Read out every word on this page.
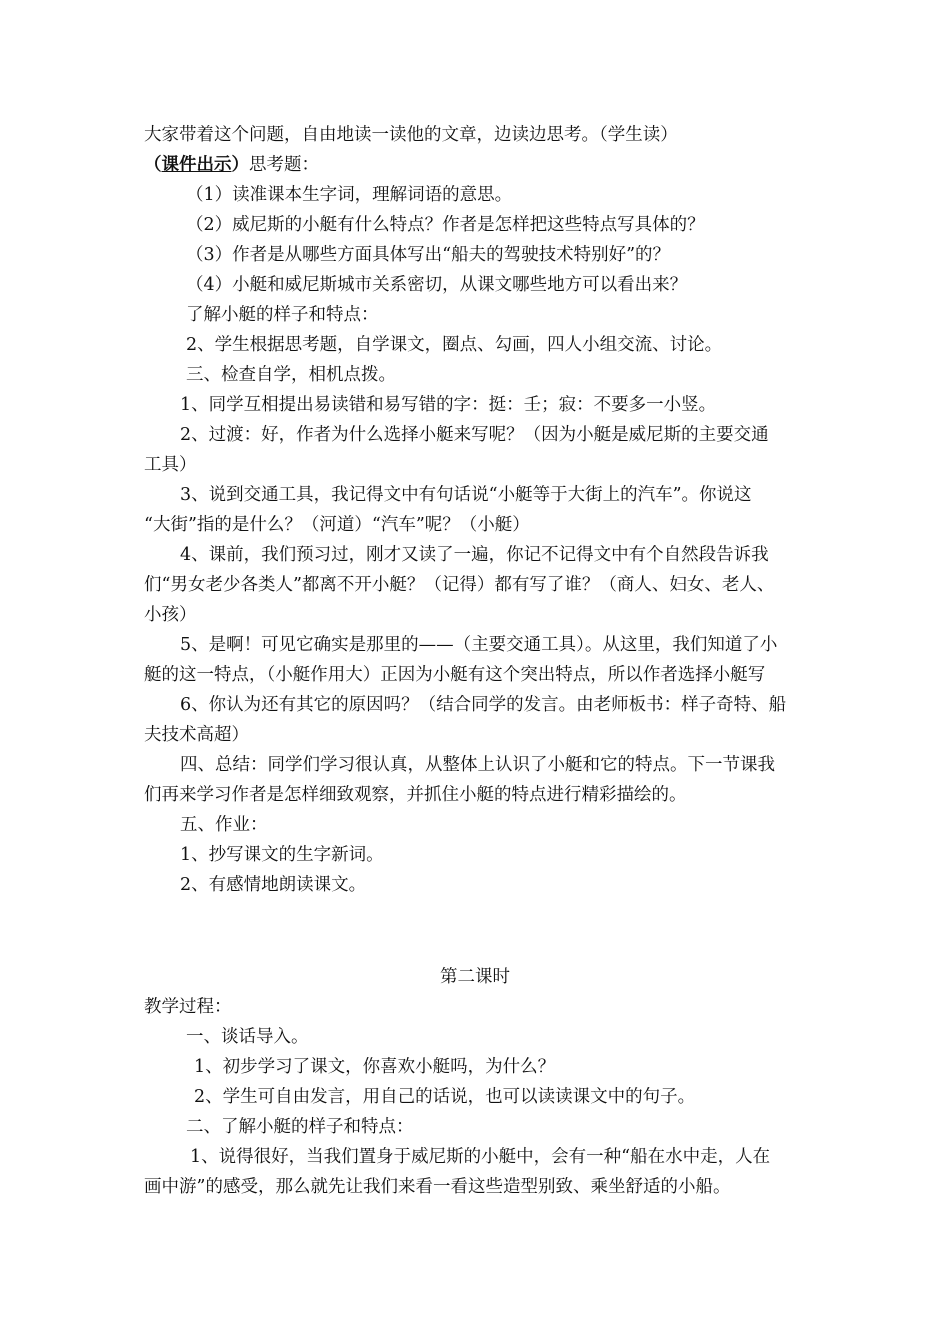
大家带着这个问题，自由地读一读他的文章，边读边思考。（学生读）

（课件出示）思考题：

（1）读准课本生字词，理解词语的意思。

（2）威尼斯的小艇有什么特点？作者是怎样把这些特点写具体的？

（3）作者是从哪些方面具体写出“船夫的驾驶技术特别好”的？

（4）小艇和威尼斯城市关系密切，从课文哪些地方可以看出来？

了解小艇的样子和特点：

2、学生根据思考题，自学课文，圈点、勾画，四人小组交流、讨论。

三、检查自学，相机点拨。

1、同学互相提出易读错和易写错的字：挺：壬；寂：不要多一小竖。

2、过渡：好，作者为什么选择小艇来写呢？（因为小艇是威尼斯的主要交通

工具）

3、说到交通工具，我记得文中有句话说“小艇等于大街上的汽车”。你说这

“大街”指的是什么？（河道）“汽车”呢？（小艇）

4、课前，我们预习过，刚才又读了一遍，你记不记得文中有个自然段告诉我

们“男女老少各类人”都离不开小艇？（记得）都有写了谁？（商人、妇女、老人、

小孩）

5、是啊！可见它确实是那里的——（主要交通工具）。从这里，我们知道了小

艇的这一特点，（小艇作用大）正因为小艇有这个突出特点，所以作者选择小艇写

6、你认为还有其它的原因吗？（结合同学的发言。由老师板书：样子奇特、船

夫技术高超）

四、总结：同学们学习很认真，从整体上认识了小艇和它的特点。下一节课我

们再来学习作者是怎样细致观察，并抓住小艇的特点进行精彩描绘的。

五、作业：

1、抄写课文的生字新词。

2、有感情地朗读课文。

第二课时

教学过程：

一、谈话导入。

1、初步学习了课文，你喜欢小艇吗，为什么？

2、学生可自由发言，用自己的话说，也可以读读课文中的句子。

二、了解小艇的样子和特点：

1、说得很好，当我们置身于威尼斯的小艇中，会有一种“船在水中走，人在

画中游”的感受，那么就先让我们来看一看这些造型别致、乘坐舒适的小船。
